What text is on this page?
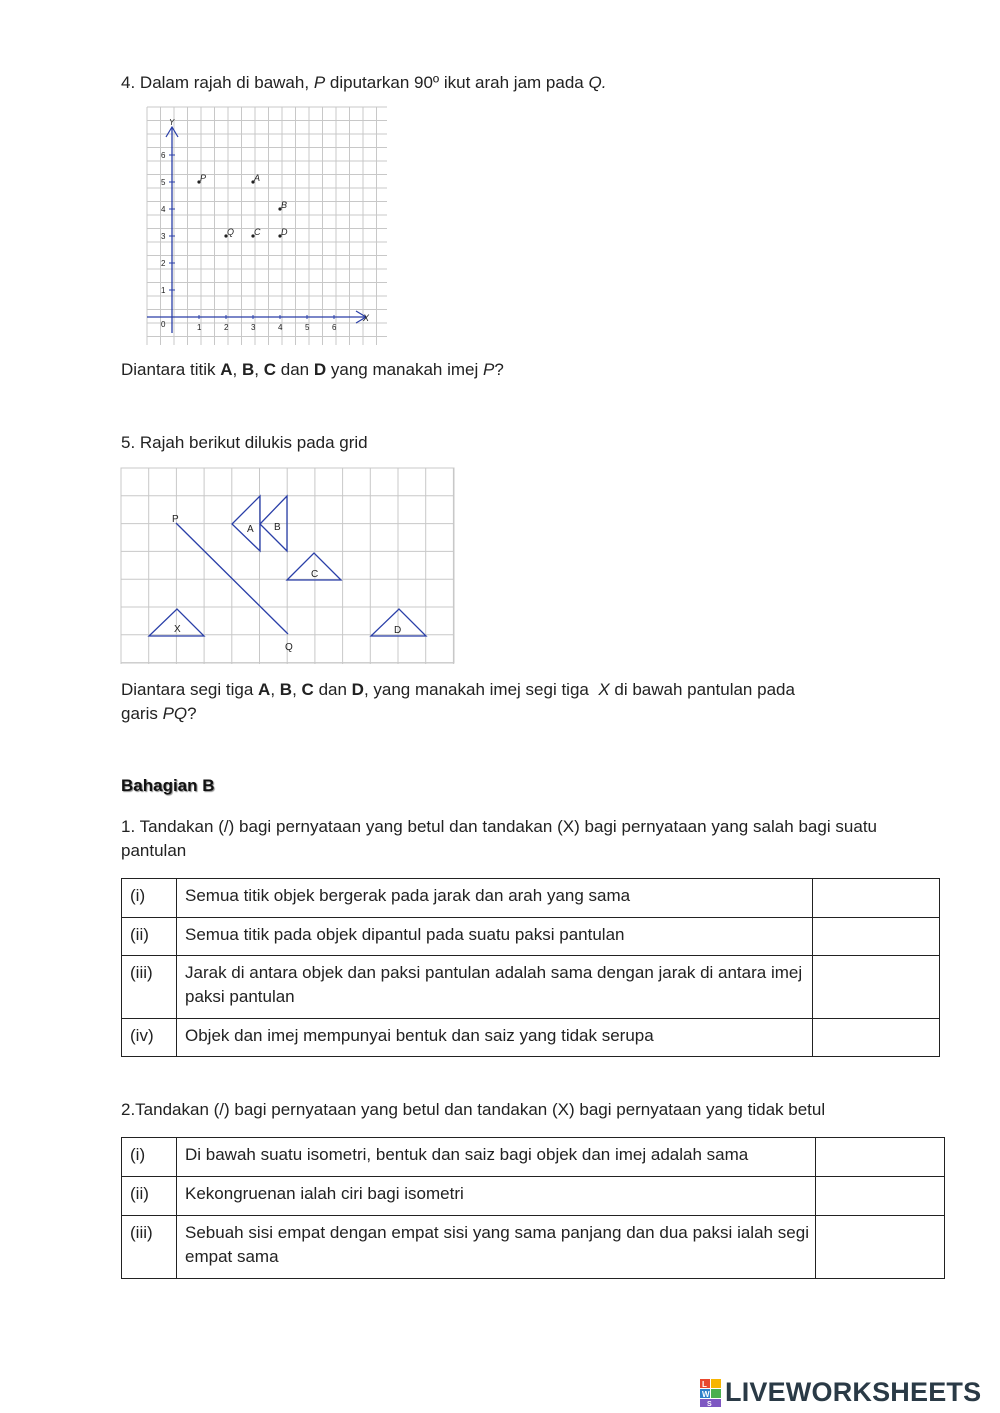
4. Dalam rajah di bawah, P diputarkan 90º ikut arah jam pada Q.
Y
X
0	1	2	3	4	5	6
1
2
3
4
5
6
P	A
B
Q C D
Diantara titik A, B, C dan D yang manakah imej P?
5. Rajah berikut dilukis pada grid
P
Q
A B
C
X	D
Diantara segi tiga A, B, C dan D, yang manakah imej segi tiga X di bawah pantulan pada
garis PQ?
Bahagian B
1. Tandakan (/) bagi pernyataan yang betul dan tandakan (X) bagi pernyataan yang salah bagi suatu pantulan
(i)	Semua titik objek bergerak pada jarak dan arah yang sama	
(ii)	Semua titik pada objek dipantul pada suatu paksi pantulan	
(iii)	Jarak di antara objek dan paksi pantulan adalah sama dengan jarak di antara imej paksi pantulan	
(iv)	Objek dan imej mempunyai bentuk dan saiz yang tidak serupa	
2.Tandakan (/) bagi pernyataan yang betul dan tandakan (X) bagi pernyataan yang tidak betul
(i)	Di bawah suatu isometri, bentuk dan saiz bagi objek dan imej adalah sama	
(ii)	Kekongruenan ialah ciri bagi isometri	
(iii)	Sebuah sisi empat dengan empat sisi yang sama panjang dan dua paksi ialah segi empat sama	
L
W
S LIVEWORKSHEETS
